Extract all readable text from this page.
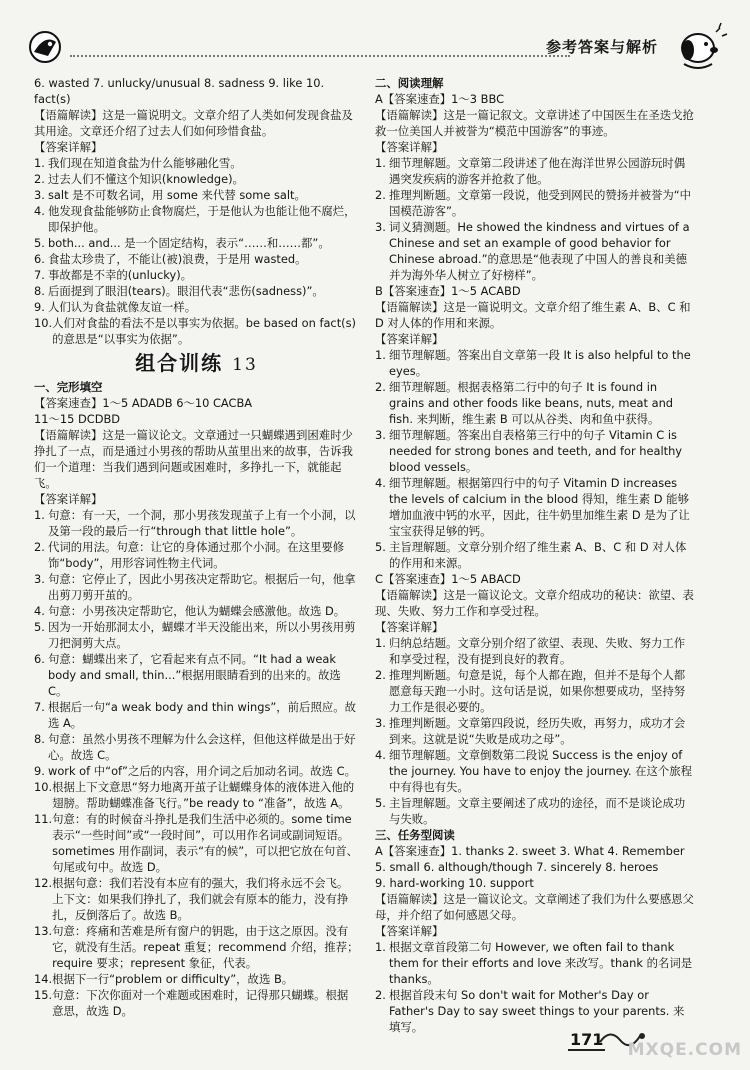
参考答案与解析

6. wasted 7. unlucky/unusual 8. sadness 9. like 10. fact(s)

【语篇解读】这是一篇说明文。文章介绍了人类如何发现食盐及其用途。文章还介绍了过去人们如何珍惜食盐。

【答案详解】

1. 我们现在知道食盐为什么能够融化雪。
2. 过去人们不懂这个知识(knowledge)。
3. salt 是不可数名词，用 some 来代替 some salt。
4. 他发现食盐能够防止食物腐烂，于是他认为也能让他不腐烂，即保护他。
5. both... and... 是一个固定结构，表示“……和……都”。
6. 食盐太珍贵了，不能让(被)浪费，于是用 wasted。
7. 事故都是不幸的(unlucky)。
8. 后面提到了眼泪(tears)。眼泪代表“悲伤(sadness)”。
9. 人们认为食盐就像友谊一样。
10. 人们对食盐的看法不是以事实为依据。be based on fact(s)的意思是“以事实为依据”。
组合训练 13

一、完形填空

【答案速查】1～5 ADADB 6～10 CACBA

11～15 DCDBD

【语篇解读】这是一篇议论文。文章通过一只蝴蝶遇到困难时少挣扎了一点，而是通过小男孩的帮助从茧里出来的故事，告诉我们一个道理：当我们遇到问题或困难时，多挣扎一下，就能起飞。

【答案详解】

1. 句意：有一天，一个洞，那小男孩发现茧子上有一个小洞，以及第一段的最后一行“through that little hole”。
2. 代词的用法。句意：让它的身体通过那个小洞。在这里要修饰“body”，用形容词性物主代词。
3. 句意：它停止了，因此小男孩决定帮助它。根据后一句，他拿出剪刀剪开茧的。
4. 句意：小男孩决定帮助它，他认为蝴蝶会感激他。故选 D。
5. 因为一开始那洞太小，蝴蝶才半天没能出来，所以小男孩用剪刀把洞剪大点。
6. 句意：蝴蝶出来了，它看起来有点不同。“It had a weak body and small, thin...”根据用眼睛看到的出来的。故选 C。
7. 根据后一句“a weak body and thin wings”，前后照应。故选 A。
8. 句意：虽然小男孩不理解为什么会这样，但他这样做是出于好心。故选 C。
9. work of 中“of”之后的内容，用介词之后加动名词。故选 C。
10. 根据上下文意思“努力地离开茧子让蝴蝶身体的液体进入他的翅膀。帮助蝴蝶准备飞行。”be ready to “准备”，故选 A。
11. 句意：有的时候奋斗挣扎是我们生活中必须的。some time 表示“一些时间”或“一段时间”，可以用作名词或副词短语。sometimes 用作副词，表示“有的候”，可以把它放在句首、句尾或句中。故选 D。
12. 根据句意：我们若没有本应有的强大，我们将永远不会飞。上下文：如果我们挣扎了，我们就会有原本的能力，没有挣扎，反倒落后了。故选 B。
13. 句意：疼痛和苦难是所有窗户的钥匙，由于这之原因。没有它，就没有生活。repeat 重复；recommend 介绍，推荐；require 要求；represent 象征，代表。
14. 根据下一行“problem or difficulty”，故选 B。
15. 句意：下次你面对一个难题或困难时，记得那只蝴蝶。根据意思，故选 D。

二、阅读理解

A【答案速查】1～3 BBC

【语篇解读】这是一篇记叙文。文章讲述了中国医生在圣迭戈抢救一位美国人并被誉为“模范中国游客”的事迹。

【答案详解】

1. 细节理解题。文章第二段讲述了他在海洋世界公园游玩时偶遇突发疾病的游客并抢救了他。
2. 推理判断题。文章第一段说，他受到网民的赞扬并被誉为“中国模范游客”。
3. 词义猜测题。He showed the kindness and virtues of a Chinese and set an example of good behavior for Chinese abroad.”的意思是“他表现了中国人的善良和美德并为海外华人树立了好榜样”。

B【答案速查】1～5 ACABD

【语篇解读】这是一篇说明文。文章介绍了维生素 A、B、C 和 D 对人体的作用和来源。

【答案详解】

1. 细节理解题。答案出自文章第一段 It is also helpful to the eyes。
2. 细节理解题。根据表格第二行中的句子 It is found in grains and other foods like beans, nuts, meat and fish. 来判断，维生素 B 可以从谷类、肉和鱼中获得。
3. 细节理解题。答案出自表格第三行中的句子 Vitamin C is needed for strong bones and teeth, and for healthy blood vessels。
4. 细节理解题。根据第四行中的句子 Vitamin D increases the levels of calcium in the blood 得知，维生素 D 能够增加血液中钙的水平，因此，往牛奶里加维生素 D 是为了让宝宝获得足够的钙。
5. 主旨理解题。文章分别介绍了维生素 A、B、C 和 D 对人体的作用和来源。

C【答案速查】1～5 ABACD

【语篇解读】这是一篇议论文。文章介绍成功的秘诀：欲望、表现、失败、努力工作和享受过程。

【答案详解】

1. 归纳总结题。文章分别介绍了欲望、表现、失败、努力工作和享受过程，没有提到良好的教育。
2. 推理判断题。句意是说，每个人都在跑，但并不是每个人都愿意每天跑一小时。这句话是说，如果你想要成功，坚持努力工作是很必要的。
3. 推理判断题。文章第四段说，经历失败，再努力，成功才会到来。这就是说“失败是成功之母”。
4. 细节理解题。文章倒数第二段说 Success is the enjoy of the journey. You have to enjoy the journey. 在这个旅程中有得也有失。
5. 主旨理解题。文章主要阐述了成功的途径，而不是谈论成功与失败。

三、任务型阅读

A【答案速查】1. thanks 2. sweet 3. What 4. Remember

5. small 6. although/though 7. sincerely 8. heroes

9. hard-working 10. support

【语篇解读】这是一篇议论文。文章阐述了我们为什么要感恩父母，并介绍了如何感恩父母。

【答案详解】

1. 根据文章首段第二句 However, we often fail to thank them for their efforts and love 来改写。thank 的名词是 thanks。
2. 根据首段末句 So don't wait for Mother's Day or Father's Day to say sweet things to your parents. 来填写。
171
MXQE.COM
